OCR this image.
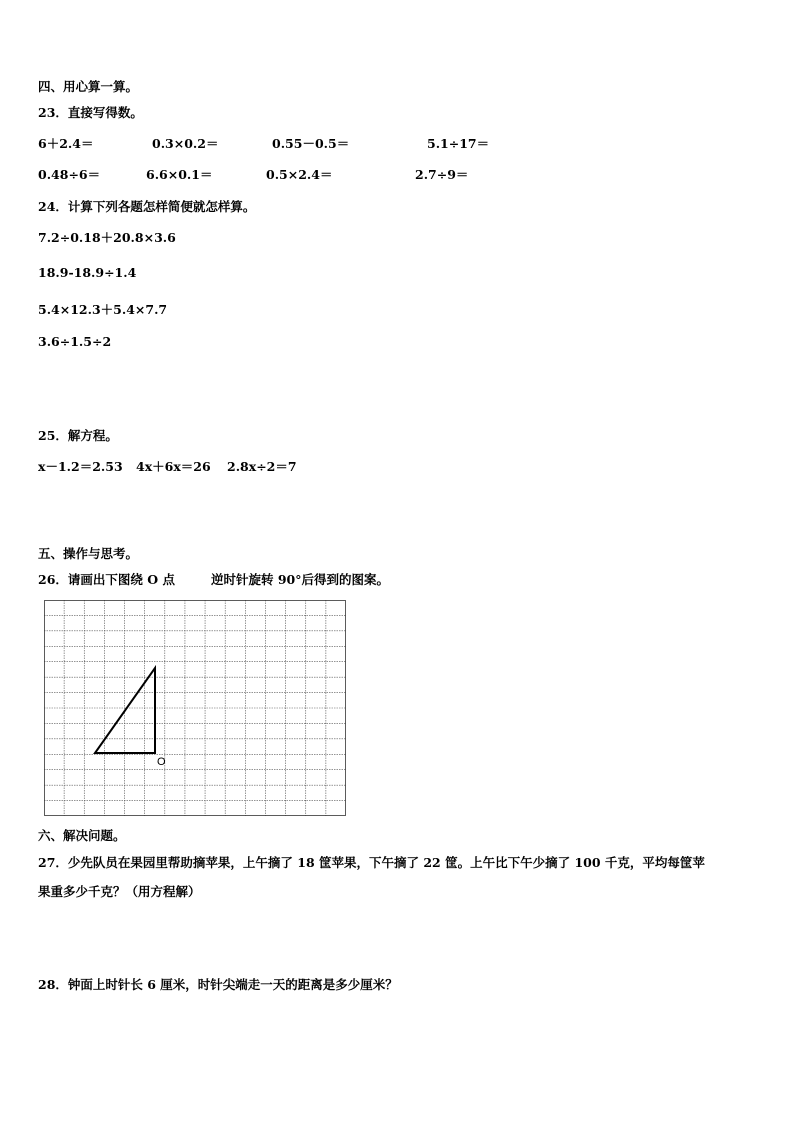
四、用心算一算。
23．直接写得数。
6＋2.4＝	0.3×0.2＝	0.55－0.5＝	5.1÷17＝
0.48÷6＝	6.6×0.1＝	0.5×2.4＝	2.7÷9＝
24．计算下列各题怎样简便就怎样算。
7.2÷0.18＋20.8×3.6
18.9-18.9÷1.4
5.4×12.3＋5.4×7.7
3.6÷1.5÷2
25．解方程。
x－1.2＝2.53 4x＋6x＝26 2.8x÷2＝7
五、操作与思考。
26．请画出下图绕 O 点	逆时针旋转 90°后得到的图案。
O
六、解决问题。
27．少先队员在果园里帮助摘苹果，上午摘了 18 筐苹果，下午摘了 22 筐。上午比下午少摘了 100 千克，平均每筐苹
果重多少千克？（用方程解）
28．钟面上时针长 6 厘米，时针尖端走一天的距离是多少厘米？
